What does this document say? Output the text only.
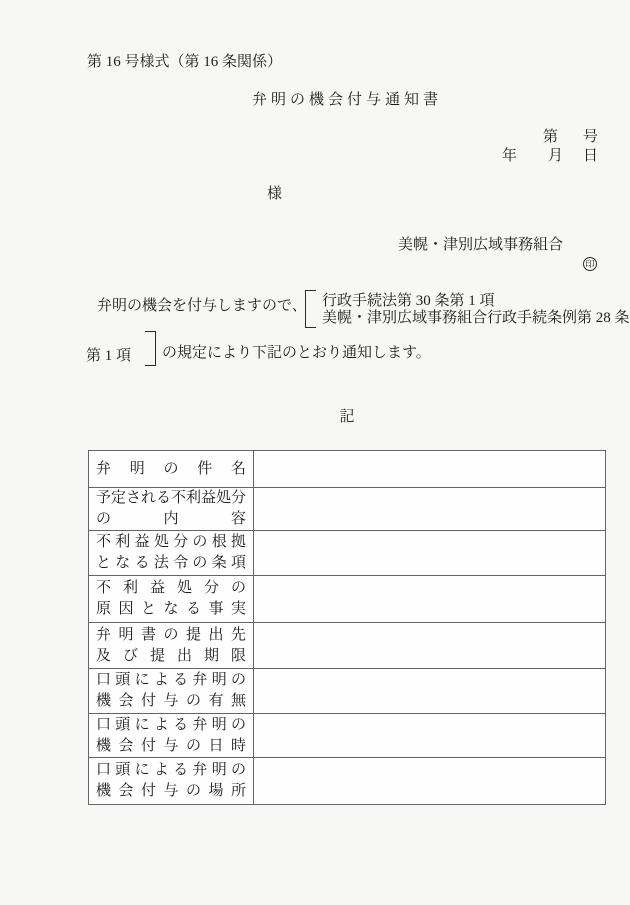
第 16 号様式（第 16 条関係）
弁明の機会付与通知書
第 号
年 月 日
様
美幌・津別広域事務組合
印
弁明の機会を付与しますので、 行政手続法第 30 条第 1 項
美幌・津別広域事務組合行政手続条例第 28 条
第 1 項 の規定により下記のとおり通知します。
記
弁明の件名	

予定される不利益処分
の内容	

不利益処分の根拠
となる法令の条項	

不利益処分の
原因となる事実	

弁明書の提出先
及び提出期限	

口頭による弁明の
機会付与の有無	

口頭による弁明の
機会付与の日時	

口頭による弁明の
機会付与の場所	
